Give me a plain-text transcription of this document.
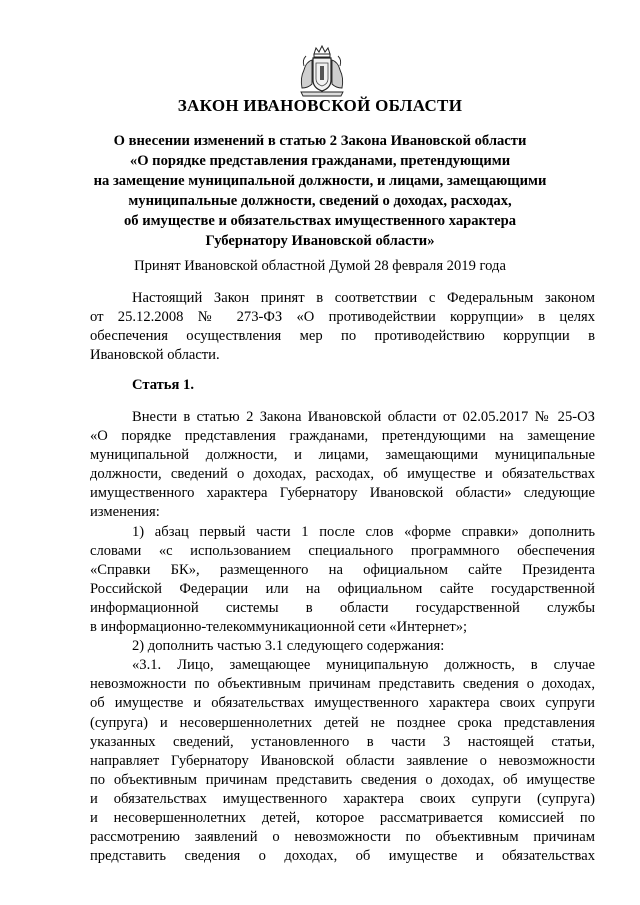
ЗАКОН ИВАНОВСКОЙ ОБЛАСТИ
О внесении изменений в статью 2 Закона Ивановской области
«О порядке представления гражданами, претендующими
на замещение муниципальной должности, и лицами, замещающими
муниципальные должности, сведений о доходах, расходах,
об имуществе и обязательствах имущественного характера
Губернатору Ивановской области»
Принят Ивановской областной Думой 28 февраля 2019 года
Настоящий Закон принят в соответствии с Федеральным законом
от 25.12.2008 № 273-ФЗ «О противодействии коррупции» в целях
обеспечения осуществления мер по противодействию коррупции в
Ивановской области.
Статья 1.
Внести в статью 2 Закона Ивановской области от 02.05.2017 № 25-ОЗ
«О порядке представления гражданами, претендующими на замещение
муниципальной должности, и лицами, замещающими муниципальные
должности, сведений о доходах, расходах, об имуществе и обязательствах
имущественного характера Губернатору Ивановской области» следующие
изменения:
1) абзац первый части 1 после слов «форме справки» дополнить
словами «с использованием специального программного обеспечения
«Справки БК», размещенного на официальном сайте Президента
Российской Федерации или на официальном сайте государственной
информационной системы в области государственной службы
в информационно-телекоммуникационной сети «Интернет»;
2) дополнить частью 3.1 следующего содержания:
«3.1. Лицо, замещающее муниципальную должность, в случае
невозможности по объективным причинам представить сведения о доходах,
об имуществе и обязательствах имущественного характера своих супруги
(супруга) и несовершеннолетних детей не позднее срока представления
указанных сведений, установленного в части 3 настоящей статьи,
направляет Губернатору Ивановской области заявление о невозможности
по объективным причинам представить сведения о доходах, об имуществе
и обязательствах имущественного характера своих супруги (супруга)
и несовершеннолетних детей, которое рассматривается комиссией по
рассмотрению заявлений о невозможности по объективным причинам
представить сведения о доходах, об имуществе и обязательствах
